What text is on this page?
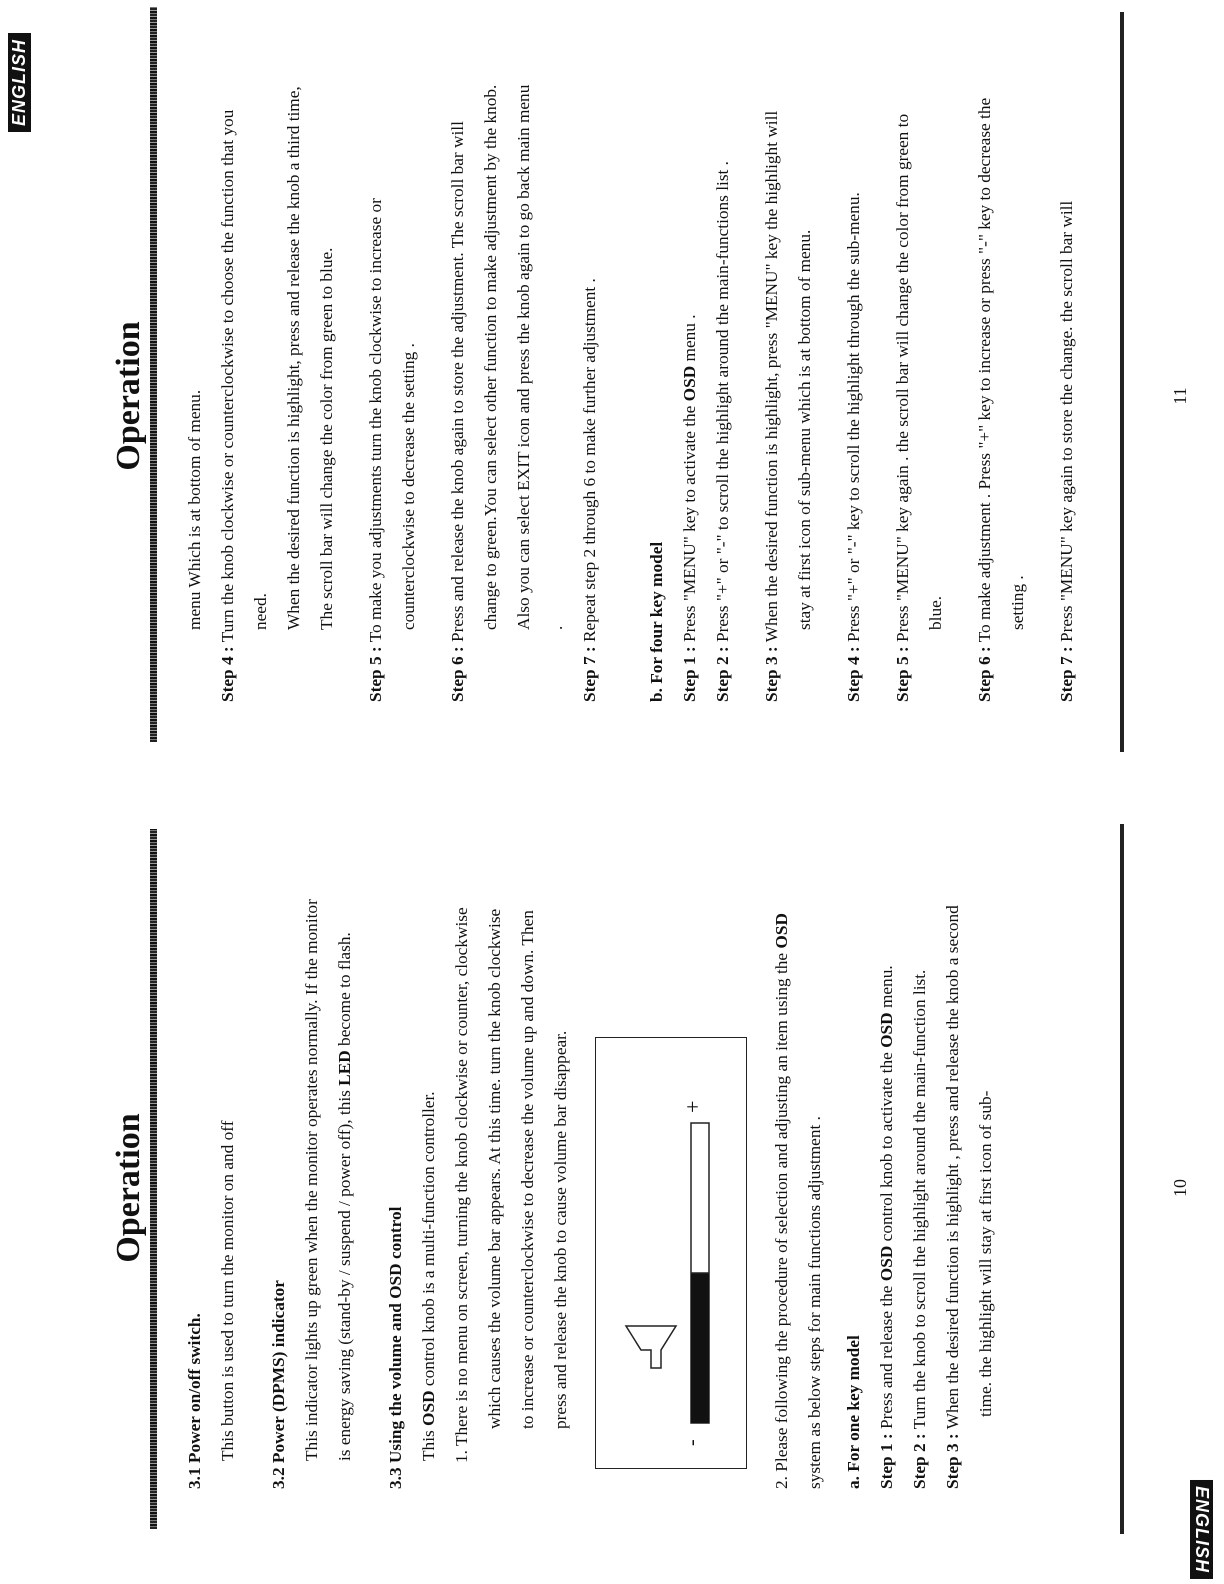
Operation
3.1 Power on/off switch. This button is used to turn the monitor on and off	3.2 Power (DPMS) indicator This indicator lights up green when the monitor operates normally. If the monitor is energy saving (stand-by / suspend / power off), this LED become to flash.
3.3 Using the volume and OSD control This OSD control knob is a multi-function controller. 1. There is no menu on screen, turning the knob clockwise or counter, clockwise which causes the volume bar appears. At this time. turn the knob clockwise to increase or counterclockwise to decrease the volume up and down. Then press and release the knob to cause volume bar disappear.
-
+	2. Please following the procedure of selection and adjusting an item using the OSD system as below steps for main functions adjustment .	a. For one key model Step 1 : Press and release the OSD control knob to activate the OSD menu.
Step 2 : Turn the knob to scroll the highlight around the main-function list.
Step 3 : When the desired function is highlight , press and release the knob a second time. the highlight will stay at first icon of sub-	10
ENGLISH
Operation	menu Which is at bottom of menu.
Step 4 : Turn the knob clockwise or counterclockwise to choose the function that you need. When the desired function is highlight, press and release the knob a third time, The scroll bar will change the color from green to blue.
Step 5 : To make you adjustments turn the knob clockwise to increase or counterclockwise to decrease the setting .
Step 6 : Press and release the knob again to store the adjustment. The scroll bar will change to green.You can select other function to make adjustment by the knob. Also you can select EXIT icon and press the knob again to go back main menu .
Step 7 : Repeat step 2 through 6 to make further adjustment .	b. For four key model Step 1 : Press "MENU" key to activate the OSD menu .
Step 2 : Press "+" or "-" to scroll the highlight around the main-functions list .
Step 3 : When the desired function is highlight, press "MENU" key the highlight will stay at first icon of sub-menu which is at bottom of menu.
Step 4 : Press "+" or "-" key to scroll the highlight through the sub-menu.
Step 5 : Press "MENU" key again . the scroll bar will change the color from green to blue.
Step 6 : To make adjustment . Press "+" key to increase or press "-" key to decrease the setting .
Step 7 : Press "MENU" key again to store the change. the scroll bar will	11
ENGLISH
